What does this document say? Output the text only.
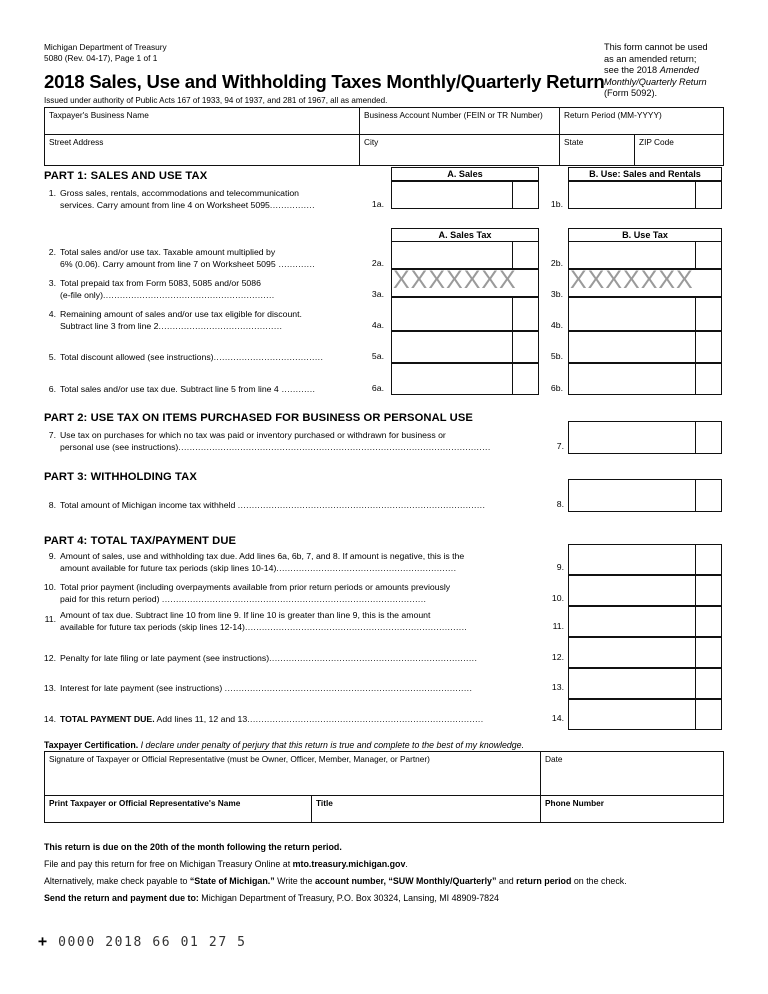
Michigan Department of Treasury
5080 (Rev. 04-17), Page 1 of 1
2018 Sales, Use and Withholding Taxes Monthly/Quarterly Return
Issued under authority of Public Acts 167 of 1933, 94 of 1937, and 281 of 1967, all as amended.
This form cannot be used
as an amended return;
see the 2018 Amended
Monthly/Quarterly Return
(Form 5092).
Taxpayer's Business Name	Business Account Number (FEIN or TR Number)	Return Period (MM-YYYY)
Street Address	City	State	ZIP Code
PART 1: SALES AND USE TAX	A. Sales	B. Use: Sales and Rentals
1. Gross sales, rentals, accommodations and telecommunication
services. Carry amount from line 4 on Worksheet 5095................	1a.	1b.
A. Sales Tax	B. Use Tax
2. Total sales and/or use tax. Taxable amount multiplied by
6% (0.06). Carry amount from line 7 on Worksheet 5095 .............	2a.	2b.
3. Total prepaid tax from Form 5083, 5085 and/or 5086
(e-file only).............................................................	3a.	3b.
XXXXXXX	XXXXXXX
4. Remaining amount of sales and/or use tax eligible for discount.
Subtract line 3 from line 2............................................	4a.	4b.
5. Total discount allowed (see instructions).......................................	5a.	5b.
6. Total sales and/or use tax due. Subtract line 5 from line 4 ............	6a.	6b.
PART 2: USE TAX ON ITEMS PURCHASED FOR BUSINESS OR PERSONAL USE
7. Use tax on purchases for which no tax was paid or inventory purchased or withdrawn for business or
personal use (see instructions)...............................................................................................................	7.
PART 3: WITHHOLDING TAX
8. Total amount of Michigan income tax withheld ........................................................................................	8.
PART 4: TOTAL TAX/PAYMENT DUE
9. Amount of sales, use and withholding tax due. Add lines 6a, 6b, 7, and 8. If amount is negative, this is the
amount available for future tax periods (skip lines 10-14)................................................................	9.
10. Total prior payment (including overpayments available from prior return periods or amounts previously
paid for this return period) ..............................................................................................	10.
11. Amount of tax due. Subtract line 10 from line 9. If line 10 is greater than line 9, this is the amount
available for future tax periods (skip lines 12-14)...............................................................................	11.
12. Penalty for late filing or late payment (see instructions)..........................................................................	12.
13. Interest for late payment (see instructions) ........................................................................................	13.
14. TOTAL PAYMENT DUE. Add lines 11, 12 and 13....................................................................................	14.
Taxpayer Certification. I declare under penalty of perjury that this return is true and complete to the best of my knowledge.
Signature of Taxpayer or Official Representative (must be Owner, Officer, Member, Manager, or Partner)	Date
Print Taxpayer or Official Representative's Name	Title	Phone Number
This return is due on the 20th of the month following the return period.
File and pay this return for free on Michigan Treasury Online at mto.treasury.michigan.gov.
Alternatively, make check payable to “State of Michigan.” Write the account number, “SUW Monthly/Quarterly” and return period on the check.
Send the return and payment due to: Michigan Department of Treasury, P.O. Box 30324, Lansing, MI 48909-7824
+ 0000 2018 66 01 27 5
